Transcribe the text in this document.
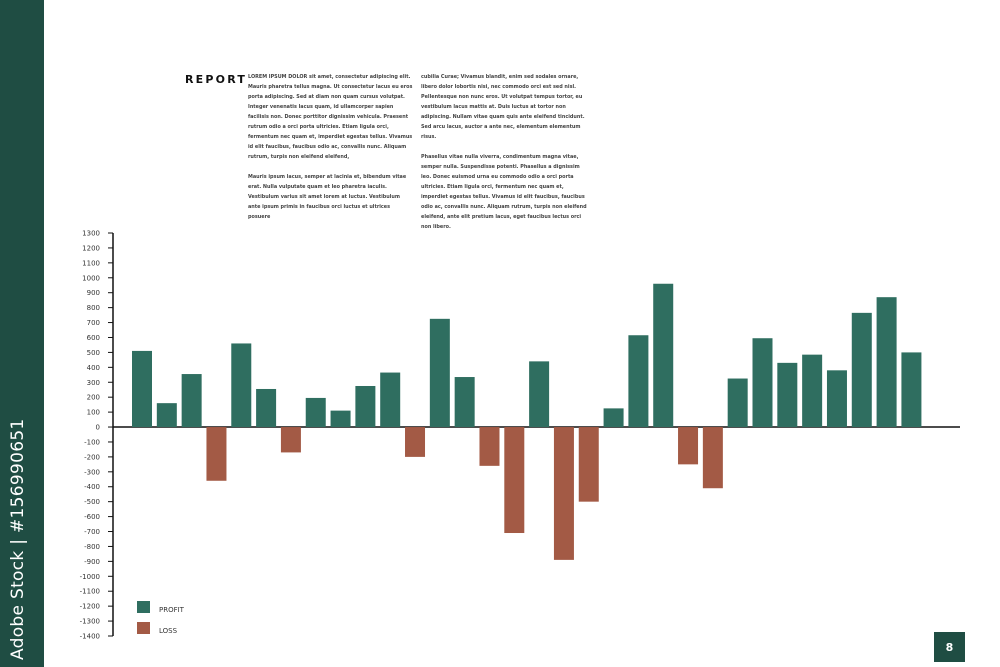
Adobe Stock | #156990651
REPORT LOREM IPSUM DOLOR sit amet, consectetur adipiscing elit. Mauris pharetra tellus magna. Ut consectetur lacus eu eros porta adipiscing. Sed at diam non quam cursus volutpat. Integer venenatis lacus quam, id ullamcorper sapien facilisis non. Donec porttitor dignissim vehicula. Praesent rutrum odio a orci porta ultricies. Etiam ligula orci, fermentum nec quam et, imperdiet egestas tellus. Vivamus id elit faucibus, faucibus odio ac, convallis nunc. Aliquam rutrum, turpis non eleifend eleifend,

Mauris ipsum lacus, semper at lacinia et, bibendum vitae erat. Nulla vulputate quam et leo pharetra iaculis. Vestibulum varius sit amet lorem at luctus. Vestibulum ante ipsum primis in faucibus orci luctus et ultrices posuere

cubilia Curae; Vivamus blandit, enim sed sodales ornare, libero dolor lobortis nisi, nec commodo orci est sed nisl. Pellentesque non nunc eros. Ut volutpat tempus tortor, eu vestibulum lacus mattis at. Duis luctus at tortor non adipiscing. Nullam vitae quam quis ante eleifend tincidunt. Sed arcu lacus, auctor a ante nec, elementum elementum risus.

Phasellus vitae nulla viverra, condimentum magna vitae, semper nulla. Suspendisse potenti. Phasellus a dignissim leo. Donec euismod urna eu commodo odio a orci porta ultricies. Etiam ligula orci, fermentum nec quam et, imperdiet egestas tellus. Vivamus id elit faucibus, faucibus odio ac, convallis nunc. Aliquam rutrum, turpis non eleifend eleifend, ante elit pretium lacus, eget faucibus lectus orci non libero.

1300
1200
1100
1000
900
800
700
600
500
400
300
200
100
0
-100
-200
-300
-400
-500
-600
-700
-800
-900
-1000
-1100
-1200
-1300
-1400
PROFIT
LOSS
8
